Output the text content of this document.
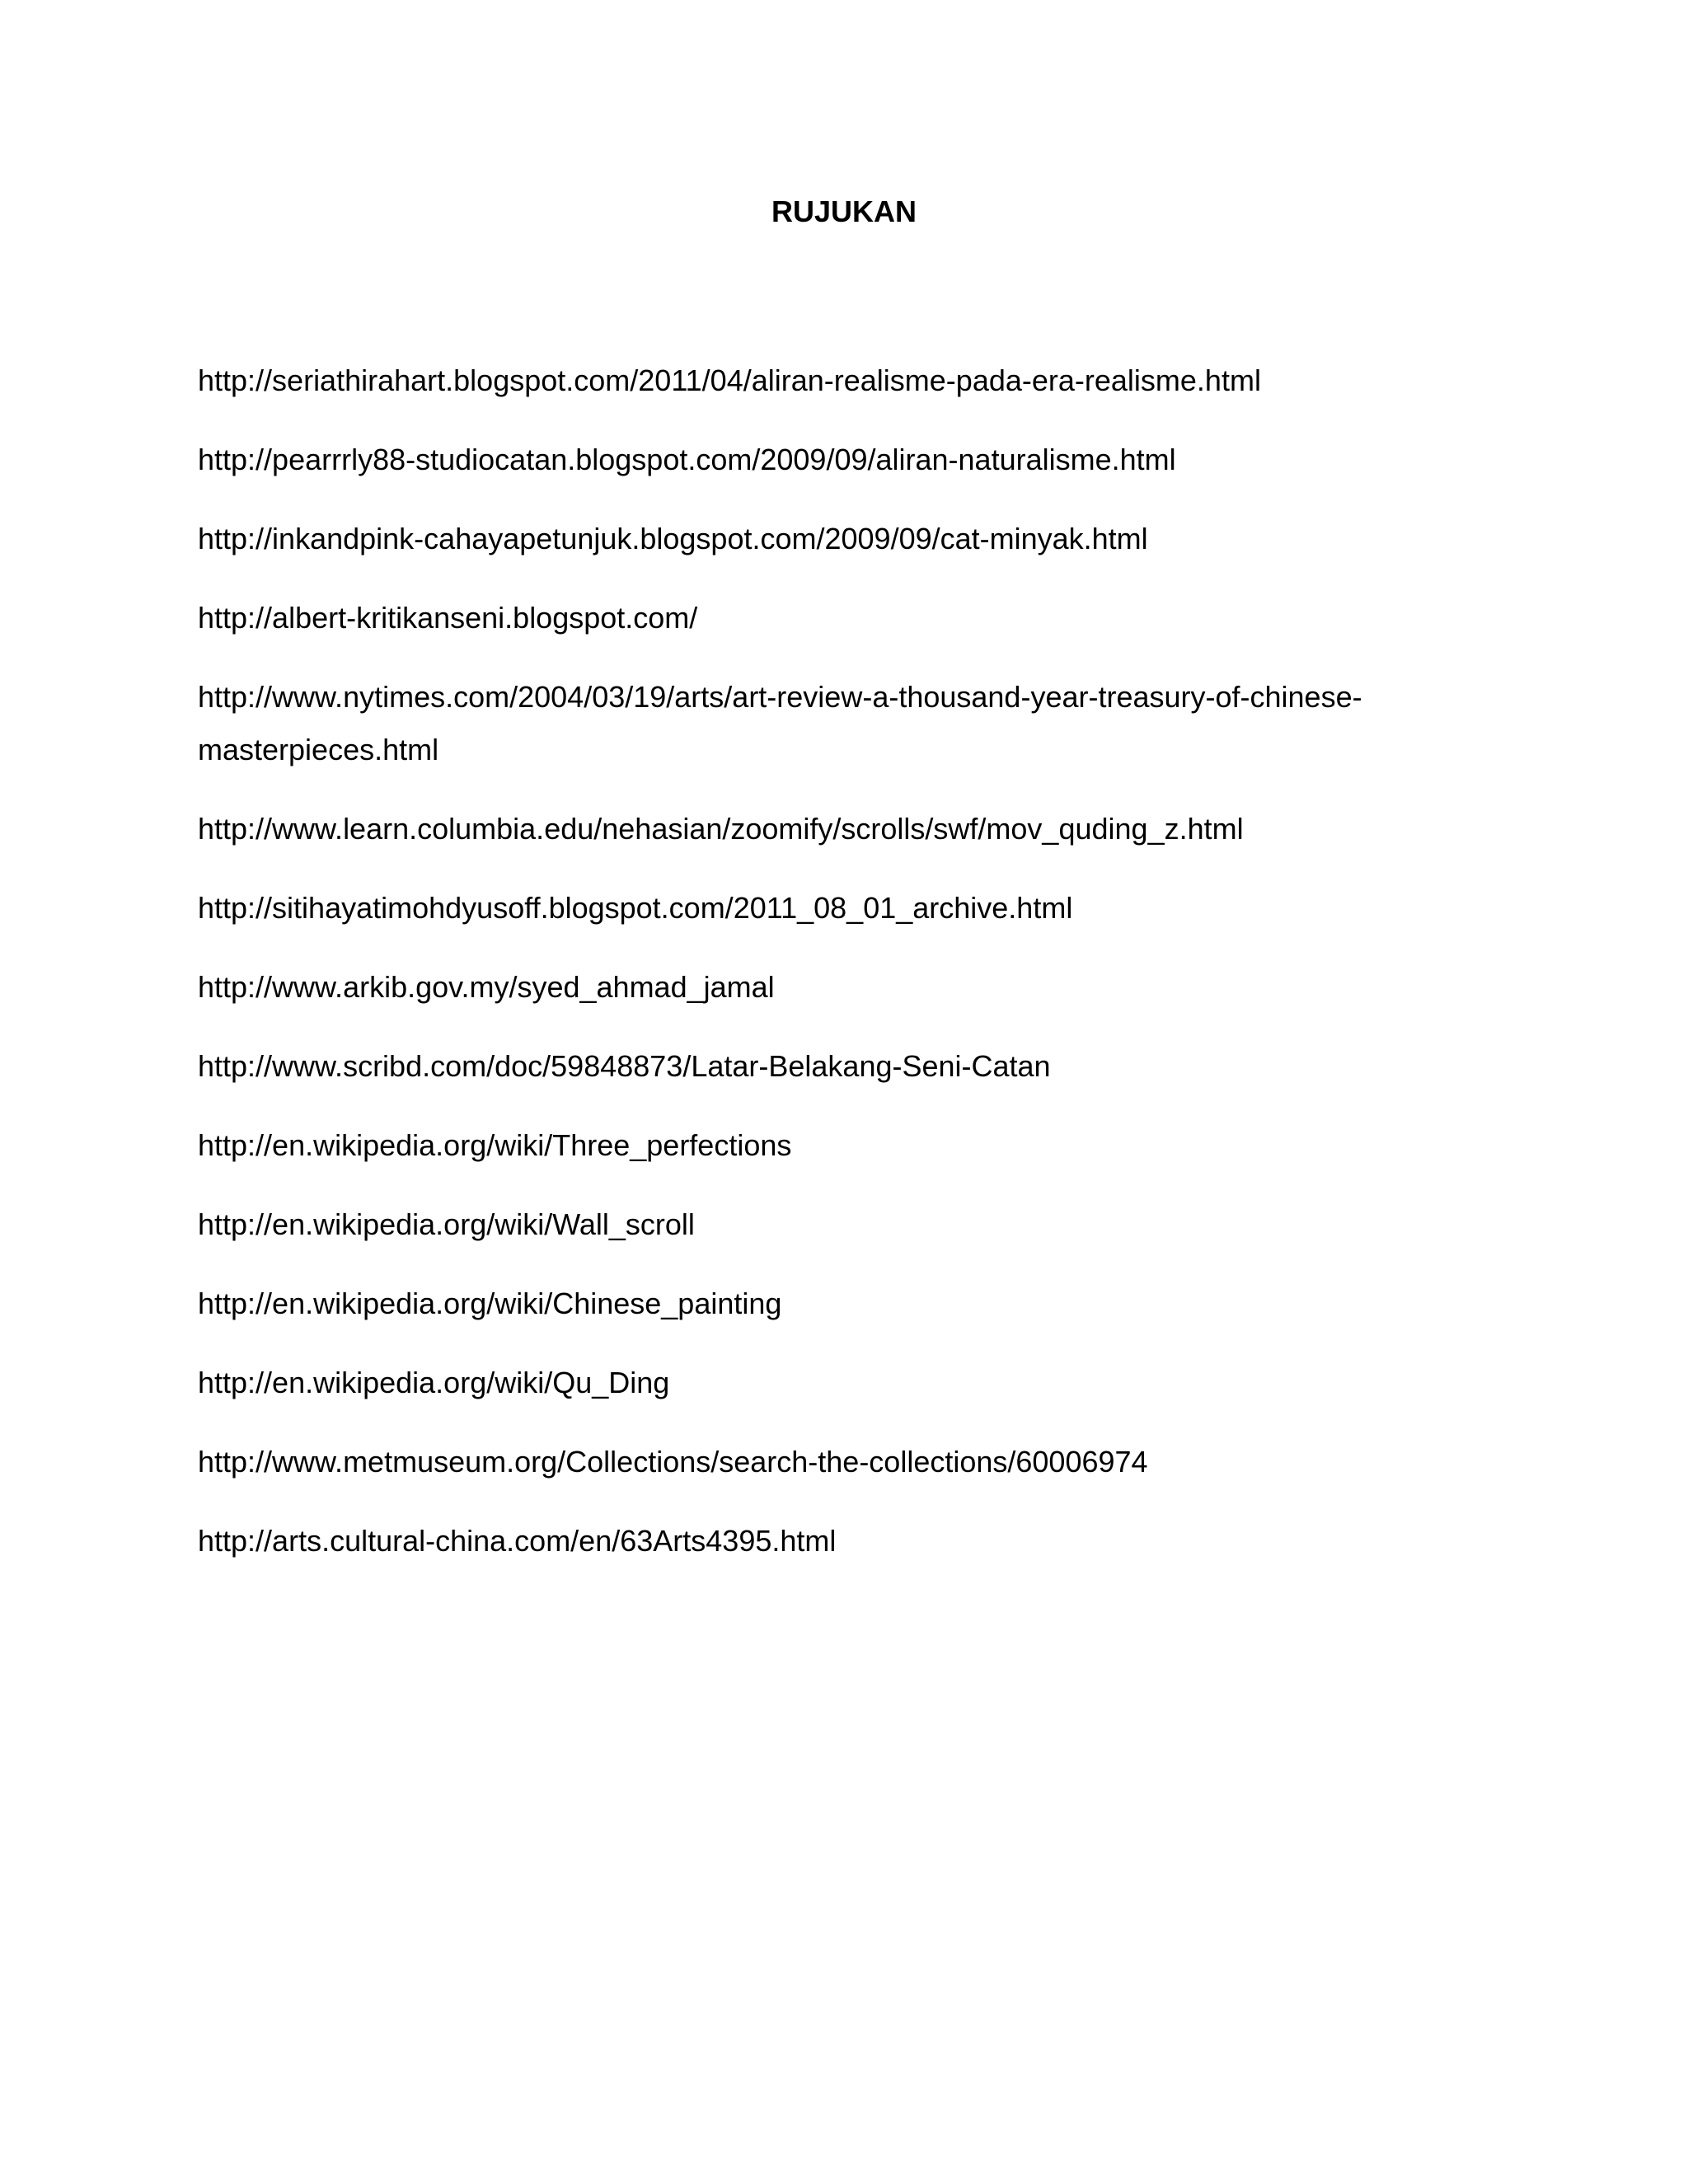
RUJUKAN
http://seriathirahart.blogspot.com/2011/04/aliran-realisme-pada-era-realisme.html
http://pearrrly88-studiocatan.blogspot.com/2009/09/aliran-naturalisme.html
http://inkandpink-cahayapetunjuk.blogspot.com/2009/09/cat-minyak.html
http://albert-kritikanseni.blogspot.com/
http://www.nytimes.com/2004/03/19/arts/art-review-a-thousand-year-treasury-of-chinese-
masterpieces.html
http://www.learn.columbia.edu/nehasian/zoomify/scrolls/swf/mov_quding_z.html
http://sitihayatimohdyusoff.blogspot.com/2011_08_01_archive.html
http://www.arkib.gov.my/syed_ahmad_jamal
http://www.scribd.com/doc/59848873/Latar-Belakang-Seni-Catan
http://en.wikipedia.org/wiki/Three_perfections
http://en.wikipedia.org/wiki/Wall_scroll
http://en.wikipedia.org/wiki/Chinese_painting
http://en.wikipedia.org/wiki/Qu_Ding
http://www.metmuseum.org/Collections/search-the-collections/60006974
http://arts.cultural-china.com/en/63Arts4395.html
